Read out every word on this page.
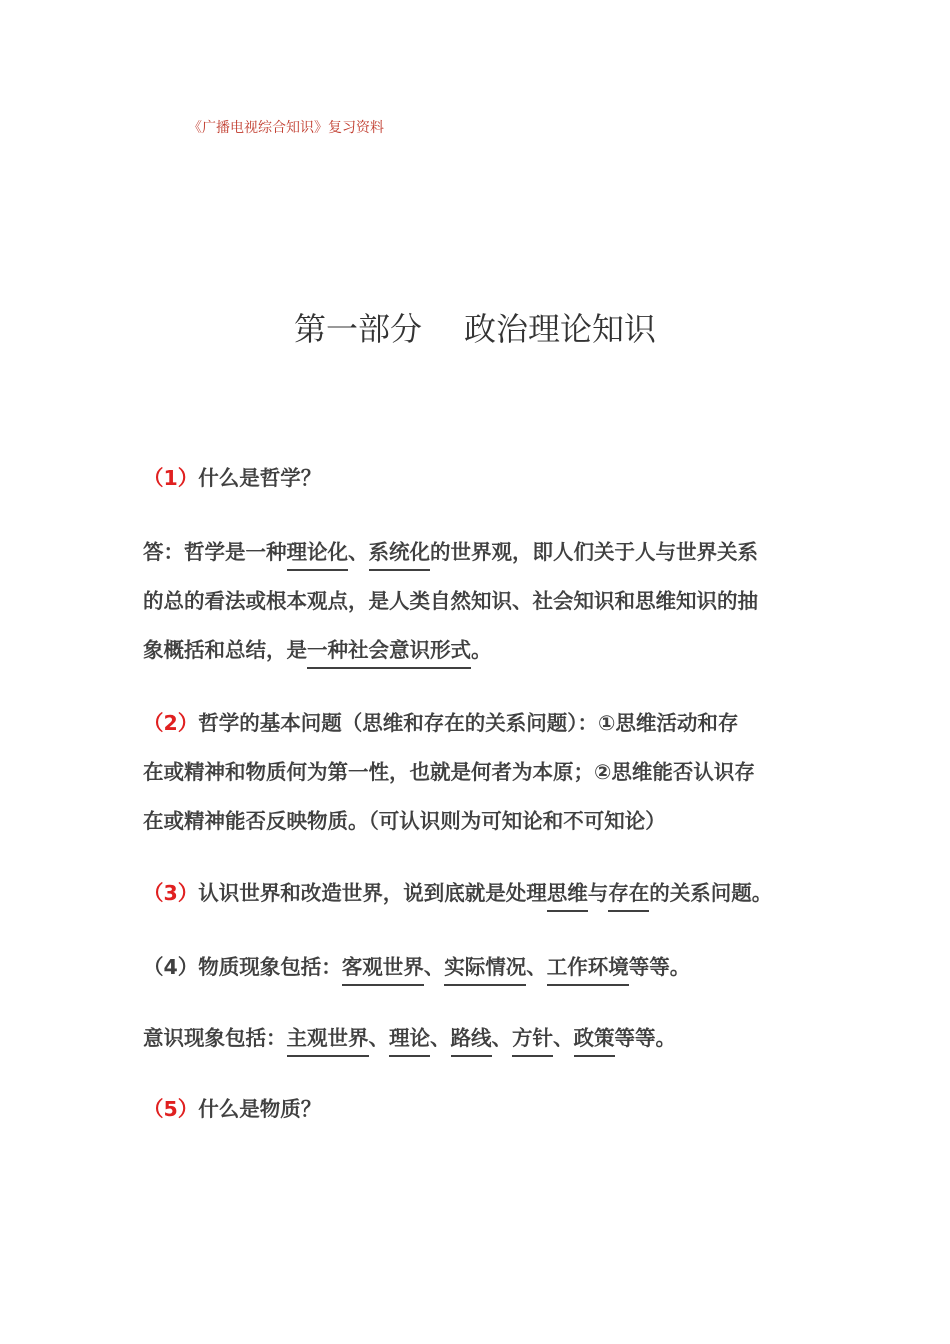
《广播电视综合知识》复习资料
第一部分 政治理论知识
（1）什么是哲学？
答：哲学是一种理论化、系统化的世界观，即人们关于人与世界关系
的总的看法或根本观点，是人类自然知识、社会知识和思维知识的抽
象概括和总结，是一种社会意识形式。
（2）哲学的基本问题（思维和存在的关系问题）：①思维活动和存
在或精神和物质何为第一性，也就是何者为本原；②思维能否认识存
在或精神能否反映物质。（可认识则为可知论和不可知论）
（3）认识世界和改造世界，说到底就是处理思维与存在的关系问题。
（4）物质现象包括：客观世界、实际情况、工作环境等等。
意识现象包括：主观世界、理论、路线、方针、政策等等。
（5）什么是物质？
